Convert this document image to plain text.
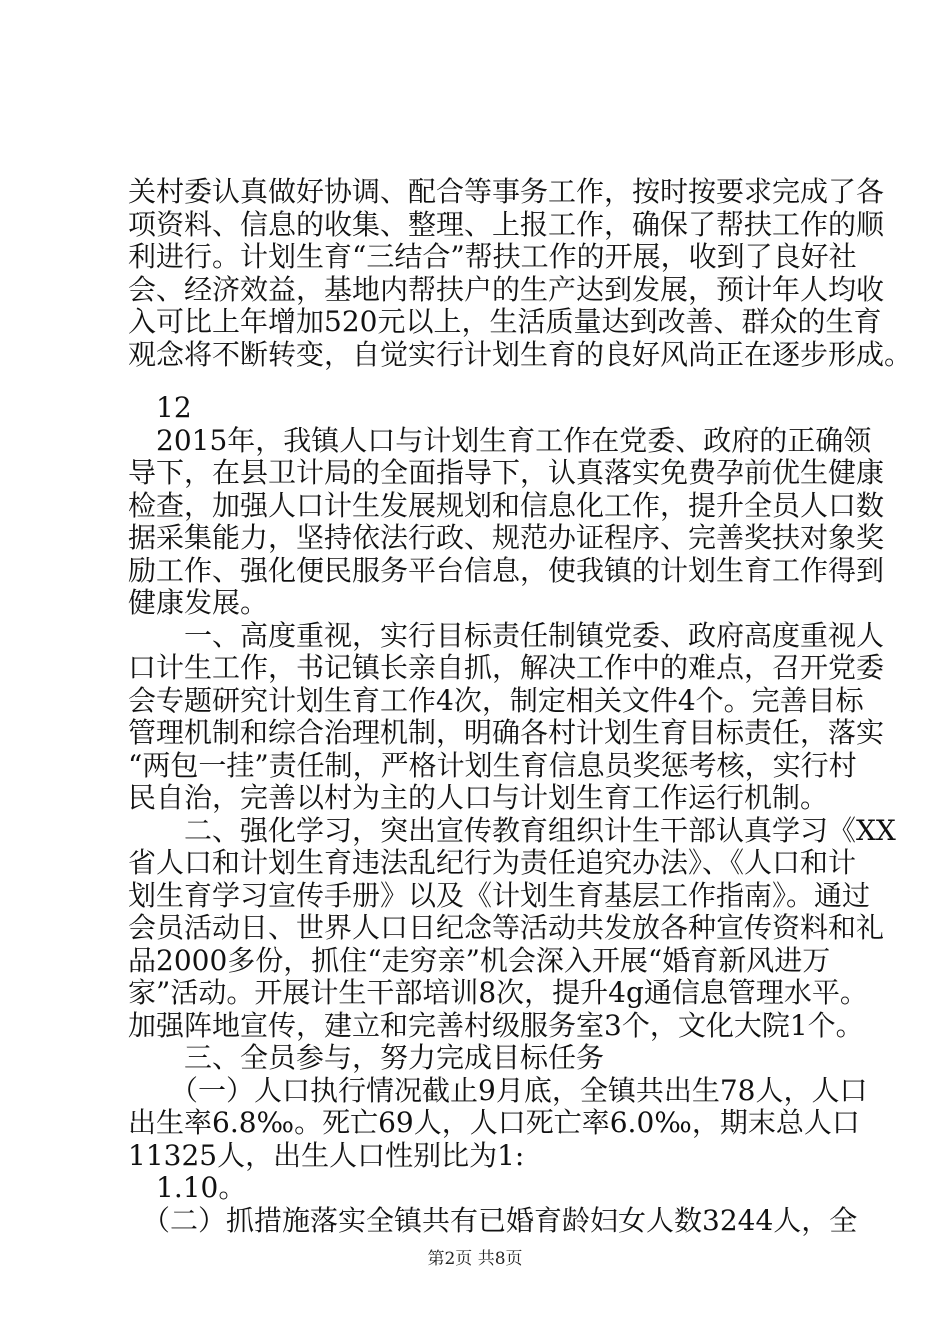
关村委认真做好协调、配合等事务工作，按时按要求完成了各
项资料、信息的收集、整理、上报工作，确保了帮扶工作的顺
利进行。计划生育“三结合”帮扶工作的开展，收到了良好社
会、经济效益，基地内帮扶户的生产达到发展，预计年人均收
入可比上年增加520元以上，生活质量达到改善、群众的生育
观念将不断转变，自觉实行计划生育的良好风尚正在逐步形成。
　12
　2015年，我镇人口与计划生育工作在党委、政府的正确领
导下，在县卫计局的全面指导下，认真落实免费孕前优生健康
检查，加强人口计生发展规划和信息化工作，提升全员人口数
据采集能力，坚持依法行政、规范办证程序、完善奖扶对象奖
励工作、强化便民服务平台信息，使我镇的计划生育工作得到
健康发展。
　　一、高度重视，实行目标责任制镇党委、政府高度重视人
口计生工作，书记镇长亲自抓，解决工作中的难点，召开党委
会专题研究计划生育工作4次，制定相关文件4个。完善目标
管理机制和综合治理机制，明确各村计划生育目标责任，落实
“两包一挂”责任制，严格计划生育信息员奖惩考核，实行村
民自治，完善以村为主的人口与计划生育工作运行机制。
　　二、强化学习，突出宣传教育组织计生干部认真学习《XX
省人口和计划生育违法乱纪行为责任追究办法》、《人口和计
划生育学习宣传手册》以及《计划生育基层工作指南》。通过
会员活动日、世界人口日纪念等活动共发放各种宣传资料和礼
品2000多份，抓住“走穷亲”机会深入开展“婚育新风进万
家”活动。开展计生干部培训8次，提升4g通信息管理水平。
加强阵地宣传，建立和完善村级服务室3个，文化大院1个。
　　三、全员参与，努力完成目标任务
　　（一）人口执行情况截止9月底，全镇共出生78人，人口
出生率6.8‰。死亡69人，人口死亡率6.0‰，期末总人口
11325人，出生人口性别比为1:
　1.10。
　（二）抓措施落实全镇共有已婚育龄妇女人数3244人，全
第2页 共8页
